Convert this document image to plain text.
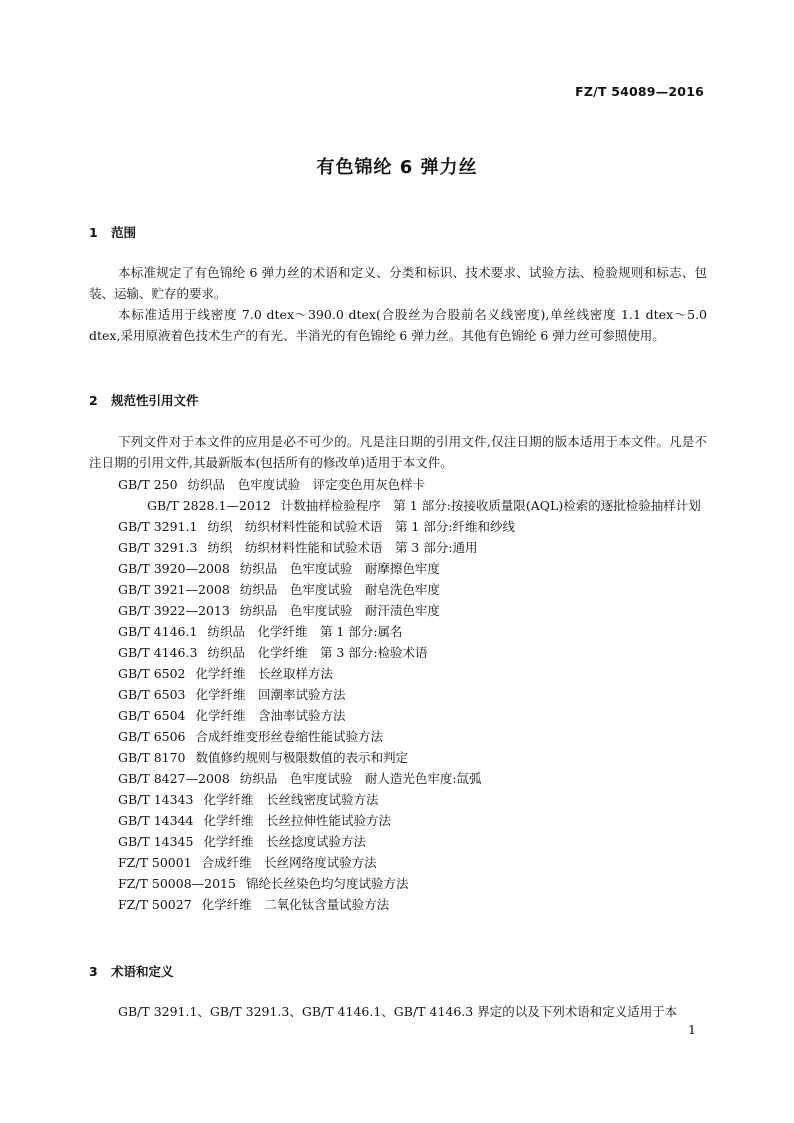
FZ/T 54089—2016
有色锦纶 6 弹力丝
1 范围

本标准规定了有色锦纶 6 弹力丝的术语和定义、分类和标识、技术要求、试验方法、检验规则和标志、包装、运输、贮存的要求。

本标准适用于线密度 7.0 dtex～390.0 dtex(合股丝为合股前名义线密度),单丝线密度 1.1 dtex～5.0 dtex,采用原液着色技术生产的有光、半消光的有色锦纶 6 弹力丝。其他有色锦纶 6 弹力丝可参照使用。

2 规范性引用文件

下列文件对于本文件的应用是必不可少的。凡是注日期的引用文件,仅注日期的版本适用于本文件。凡是不注日期的引用文件,其最新版本(包括所有的修改单)适用于本文件。

GB/T 250 纺织品　色牢度试验　评定变色用灰色样卡
GB/T 2828.1—2012 计数抽样检验程序　第 1 部分:按接收质量限(AQL)检索的逐批检验抽样计划
GB/T 3291.1 纺织　纺织材料性能和试验术语　第 1 部分:纤维和纱线
GB/T 3291.3 纺织　纺织材料性能和试验术语　第 3 部分:通用
GB/T 3920—2008 纺织品　色牢度试验　耐摩擦色牢度
GB/T 3921—2008 纺织品　色牢度试验　耐皂洗色牢度
GB/T 3922—2013 纺织品　色牢度试验　耐汗渍色牢度
GB/T 4146.1 纺织品　化学纤维　第 1 部分:属名
GB/T 4146.3 纺织品　化学纤维　第 3 部分:检验术语
GB/T 6502 化学纤维　长丝取样方法
GB/T 6503 化学纤维　回潮率试验方法
GB/T 6504 化学纤维　含油率试验方法
GB/T 6506 合成纤维变形丝卷缩性能试验方法
GB/T 8170 数值修约规则与极限数值的表示和判定
GB/T 8427—2008 纺织品　色牢度试验　耐人造光色牢度:氙弧
GB/T 14343 化学纤维　长丝线密度试验方法
GB/T 14344 化学纤维　长丝拉伸性能试验方法
GB/T 14345 化学纤维　长丝捻度试验方法
FZ/T 50001 合成纤维　长丝网络度试验方法
FZ/T 50008—2015 锦纶长丝染色均匀度试验方法
FZ/T 50027 化学纤维　二氧化钛含量试验方法
3 术语和定义

GB/T 3291.1、GB/T 3291.3、GB/T 4146.1、GB/T 4146.3 界定的以及下列术语和定义适用于本

1
